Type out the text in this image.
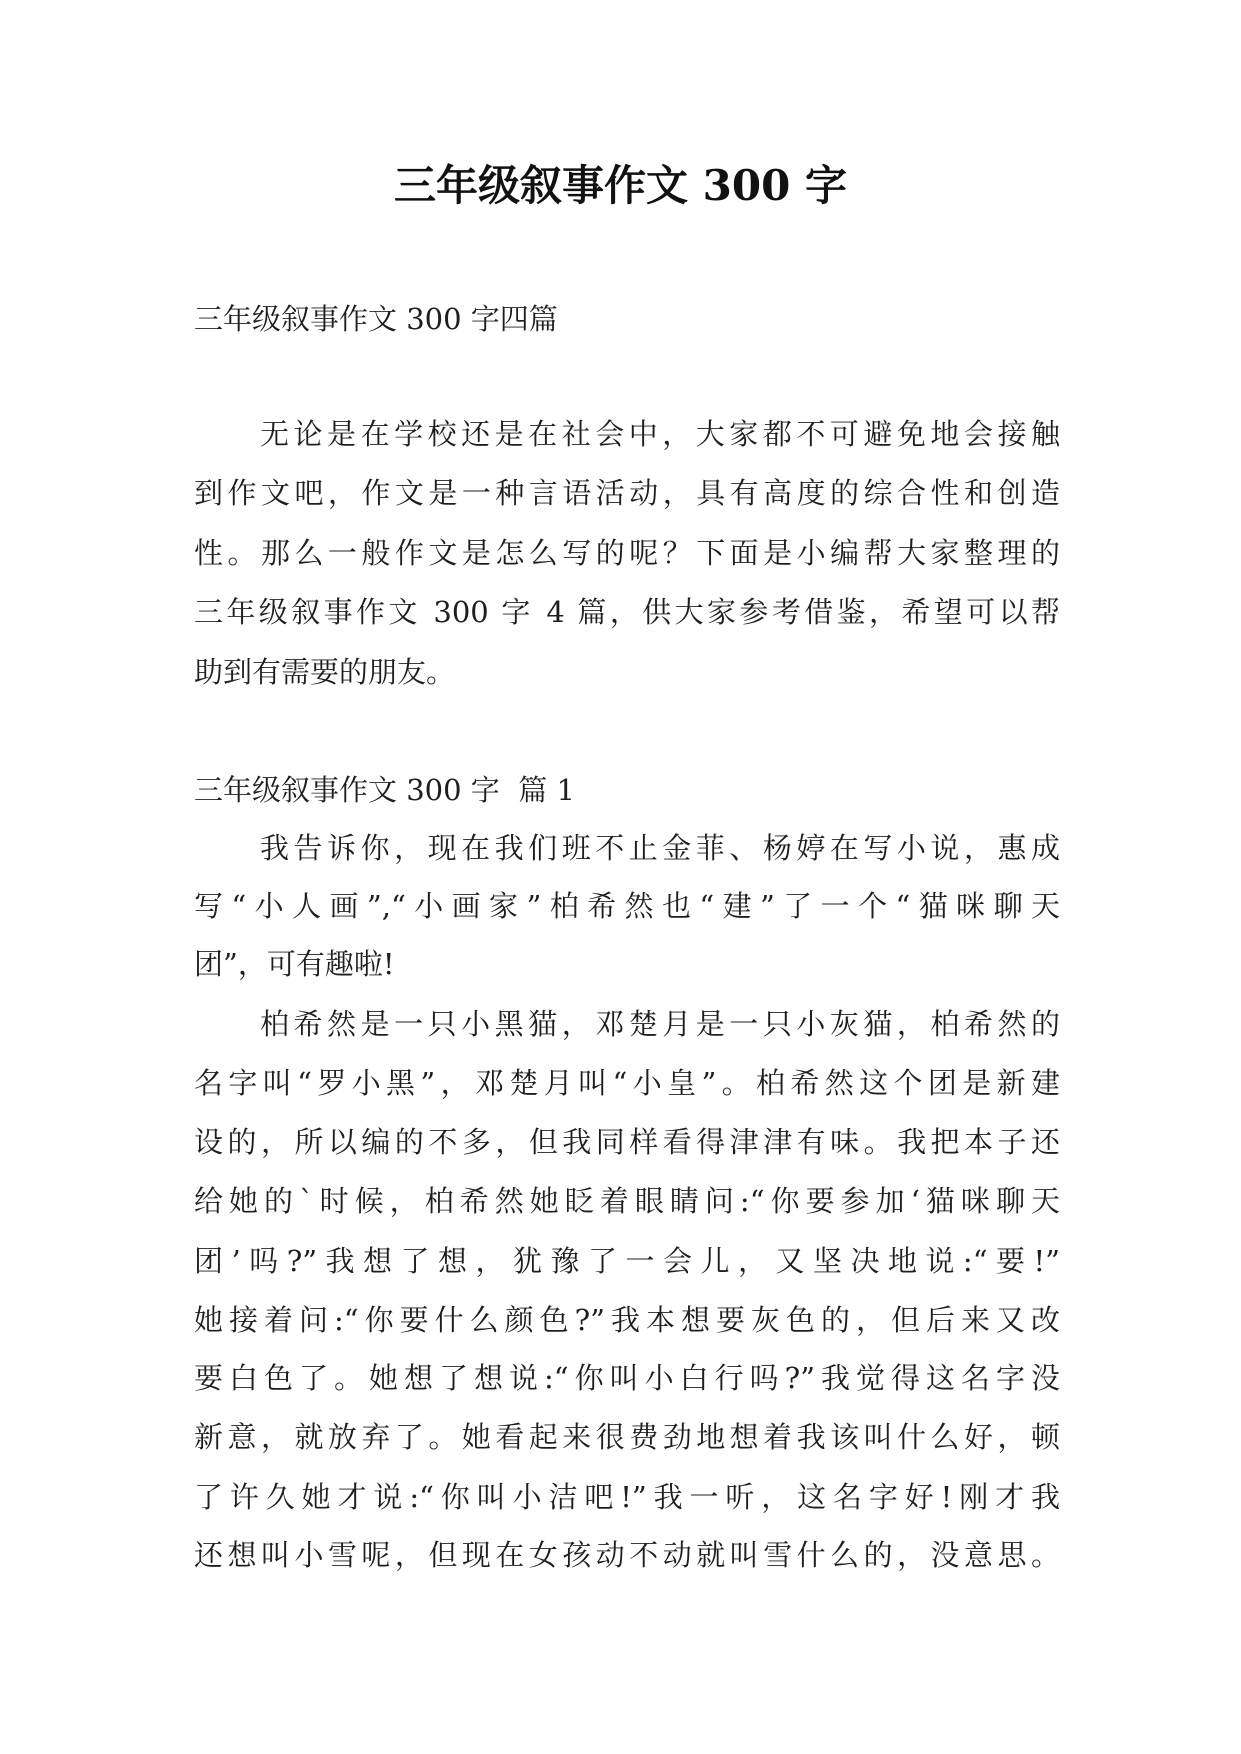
三年级叙事作文 300 字
三年级叙事作文 300 字四篇
无论是在学校还是在社会中，大家都不可避免地会接触
到作文吧，作文是一种言语活动，具有高度的综合性和创造
性。那么一般作文是怎么写的呢？下面是小编帮大家整理的
三年级叙事作文 300 字 4 篇，供大家参考借鉴，希望可以帮
助到有需要的朋友。
三年级叙事作文 300 字  篇 1
我告诉你，现在我们班不止金菲、杨婷在写小说，惠成
写“小人画”,“小画家”柏希然也“建”了一个“猫咪聊天
团”，可有趣啦!
柏希然是一只小黑猫，邓楚月是一只小灰猫，柏希然的
名字叫“罗小黑”，邓楚月叫“小皇”。柏希然这个团是新建
设的，所以编的不多，但我同样看得津津有味。我把本子还
给她的`时候，柏希然她眨着眼睛问:“你要参加‘猫咪聊天
团’吗?”我想了想，犹豫了一会儿，又坚决地说:“要!”
她接着问:“你要什么颜色?”我本想要灰色的，但后来又改
要白色了。她想了想说:“你叫小白行吗?”我觉得这名字没
新意，就放弃了。她看起来很费劲地想着我该叫什么好，顿
了许久她才说:“你叫小洁吧!”我一听，这名字好!刚才我
还想叫小雪呢，但现在女孩动不动就叫雪什么的，没意思。
